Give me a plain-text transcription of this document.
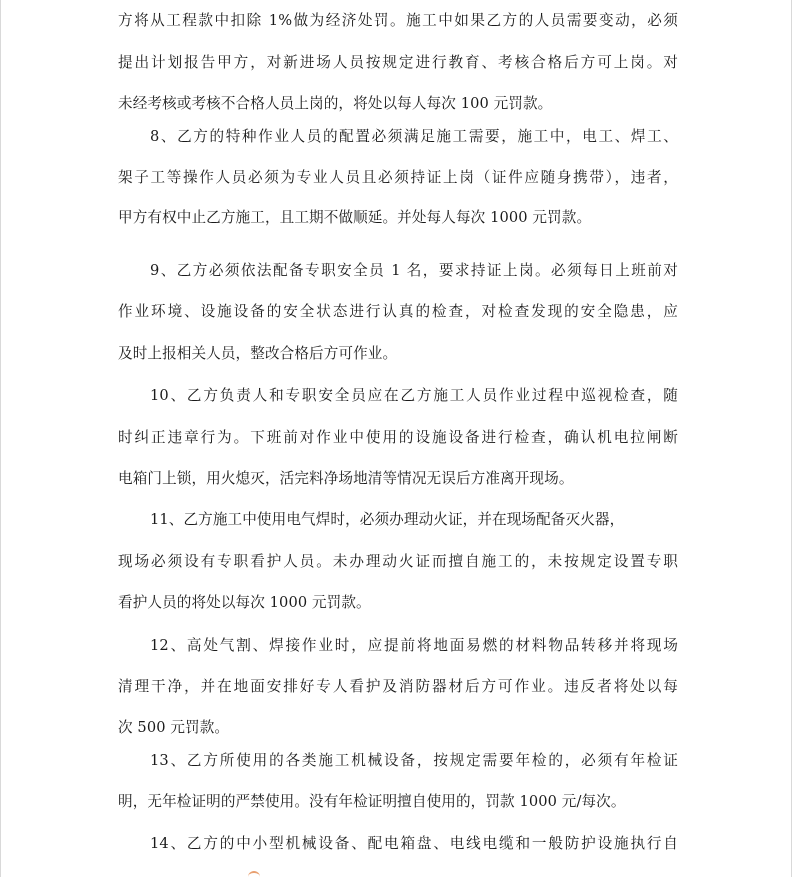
方将从工程款中扣除 1%做为经济处罚。施工中如果乙方的人员需要变动，必须
提出计划报告甲方，对新进场人员按规定进行教育、考核合格后方可上岗。对
未经考核或考核不合格人员上岗的，将处以每人每次 100 元罚款。
8、乙方的特种作业人员的配置必须满足施工需要，施工中，电工、焊工、
架子工等操作人员必须为专业人员且必须持证上岗（证件应随身携带），违者，
甲方有权中止乙方施工，且工期不做顺延。并处每人每次 1000 元罚款。
9、乙方必须依法配备专职安全员 1 名，要求持证上岗。必须每日上班前对
作业环境、设施设备的安全状态进行认真的检查，对检查发现的安全隐患，应
及时上报相关人员，整改合格后方可作业。
10、乙方负责人和专职安全员应在乙方施工人员作业过程中巡视检查，随
时纠正违章行为。下班前对作业中使用的设施设备进行检查，确认机电拉闸断
电箱门上锁，用火熄灭，活完料净场地清等情况无误后方准离开现场。
11、乙方施工中使用电气焊时，必须办理动火证，并在现场配备灭火器，
现场必须设有专职看护人员。未办理动火证而擅自施工的，未按规定设置专职
看护人员的将处以每次 1000 元罚款。
12、高处气割、焊接作业时，应提前将地面易燃的材料物品转移并将现场
清理干净，并在地面安排好专人看护及消防器材后方可作业。违反者将处以每
次 500 元罚款。
13、乙方所使用的各类施工机械设备，按规定需要年检的，必须有年检证
明，无年检证明的严禁使用。没有年检证明擅自使用的，罚款 1000 元/每次。
14、乙方的中小型机械设备、配电箱盘、电线电缆和一般防护设施执行自
